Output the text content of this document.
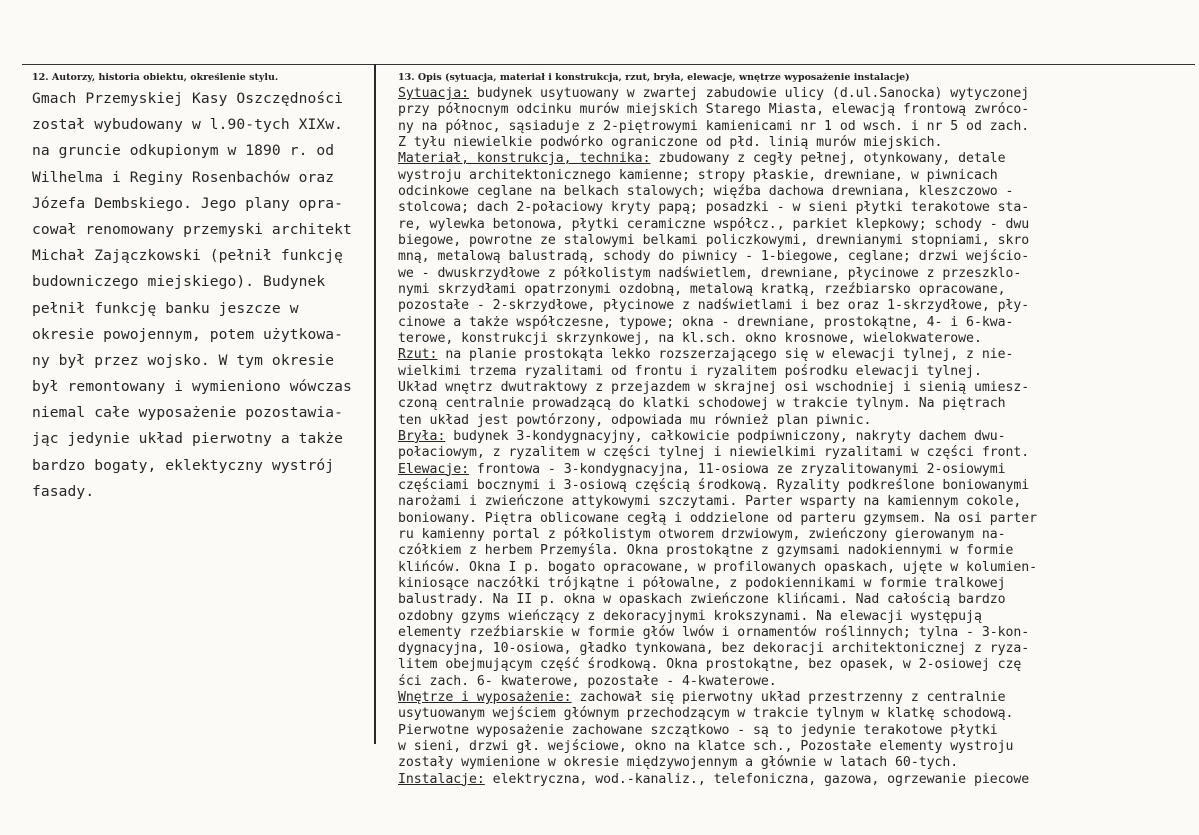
12. Autorzy, historia obiektu, określenie stylu.
Gmach Przemyskiej Kasy Oszczędności
został wybudowany w l.90-tych XIXw.
na gruncie odkupionym w 1890 r. od
Wilhelma i Reginy Rosenbachów oraz
Józefa Dembskiego. Jego plany opra-
cował renomowany przemyski architekt
Michał Zajączkowski (pełnił funkcję
budowniczego miejskiego). Budynek
pełnił funkcję banku jeszcze w
okresie powojennym, potem użytkowa-
ny był przez wojsko. W tym okresie
był remontowany i wymieniono wówczas
niemal całe wyposażenie pozostawia-
jąc jedynie układ pierwotny a także
bardzo bogaty, eklektyczny wystrój
fasady.
13. Opis (sytuacja, materiał i konstrukcja, rzut, bryła, elewacje, wnętrze wyposażenie instalacje)
Sytuacja: budynek usytuowany w zwartej zabudowie ulicy (d.ul.Sanocka) wytyczonej
przy północnym odcinku murów miejskich Starego Miasta, elewacją frontową zwróco-
ny na północ, sąsiaduje z 2-piętrowymi kamienicami nr 1 od wsch. i nr 5 od zach.
Z tyłu niewielkie podwórko ograniczone od płd. linią murów miejskich.
Materiał, konstrukcja, technika: zbudowany z cegły pełnej, otynkowany, detale
wystroju architektonicznego kamienne; stropy płaskie, drewniane, w piwnicach
odcinkowe ceglane na belkach stalowych; więźba dachowa drewniana, kleszczowo -
stolcowa; dach 2-połaciowy kryty papą; posadzki - w sieni płytki terakotowe sta-
re, wylewka betonowa, płytki ceramiczne współcz., parkiet klepkowy; schody - dwu
biegowe, powrotne ze stalowymi belkami policzkowymi, drewnianymi stopniami, skro
mną, metalową balustradą, schody do piwnicy - 1-biegowe, ceglane; drzwi wejścio-
we - dwuskrzydłowe z półkolistym nadświetlem, drewniane, płycinowe z przeszklo-
nymi skrzydłami opatrzonymi ozdobną, metalową kratką, rzeźbiarsko opracowane,
pozostałe - 2-skrzydłowe, płycinowe z nadświetlami i bez oraz 1-skrzydłowe, pły-
cinowe a także współczesne, typowe; okna - drewniane, prostokątne, 4- i 6-kwa-
terowe, konstrukcji skrzynkowej, na kl.sch. okno krosnowe, wielokwaterowe.
Rzut: na planie prostokąta lekko rozszerzającego się w elewacji tylnej, z nie-
wielkimi trzema ryzalitami od frontu i ryzalitem pośrodku elewacji tylnej.
Układ wnętrz dwutraktowy z przejazdem w skrajnej osi wschodniej i sienią umiesz-
czoną centralnie prowadzącą do klatki schodowej w trakcie tylnym. Na piętrach
ten układ jest powtórzony, odpowiada mu również plan piwnic.
Bryła: budynek 3-kondygnacyjny, całkowicie podpiwniczony, nakryty dachem dwu-
połaciowym, z ryzalitem w części tylnej i niewielkimi ryzalitami w części front.
Elewacje: frontowa - 3-kondygnacyjna, 11-osiowa ze zryzalitowanymi 2-osiowymi
częściami bocznymi i 3-osiową częścią środkową. Ryzality podkreślone boniowanymi
narożami i zwieńczone attykowymi szczytami. Parter wsparty na kamiennym cokole,
boniowany. Piętra oblicowane cegłą i oddzielone od parteru gzymsem. Na osi parter
ru kamienny portal z półkolistym otworem drzwiowym, zwieńczony gierowanym na-
czółkiem z herbem Przemyśla. Okna prostokątne z gzymsami nadokiennymi w formie
klińców. Okna I p. bogato opracowane, w profilowanych opaskach, ujęte w kolumien-
kiniosące naczółki trójkątne i półowalne, z podokiennikami w formie tralkowej
balustrady. Na II p. okna w opaskach zwieńczone klińcami. Nad całością bardzo
ozdobny gzyms wieńczący z dekoracyjnymi krokszynami. Na elewacji występują
elementy rzeźbiarskie w formie głów lwów i ornamentów roślinnych; tylna - 3-kon-
dygnacyjna, 10-osiowa, gładko tynkowana, bez dekoracji architektonicznej z ryza-
litem obejmującym część środkową. Okna prostokątne, bez opasek, w 2-osiowej czę
ści zach. 6- kwaterowe, pozostałe - 4-kwaterowe.
Wnętrze i wyposażenie: zachował się pierwotny układ przestrzenny z centralnie
usytuowanym wejściem głównym przechodzącym w trakcie tylnym w klatkę schodową.
Pierwotne wyposażenie zachowane szczątkowo - są to jedynie terakotowe płytki
w sieni, drzwi gł. wejściowe, okno na klatce sch., Pozostałe elementy wystroju
zostały wymienione w okresie międzywojennym a głównie w latach 60-tych.
Instalacje: elektryczna, wod.-kanaliz., telefoniczna, gazowa, ogrzewanie piecowe
